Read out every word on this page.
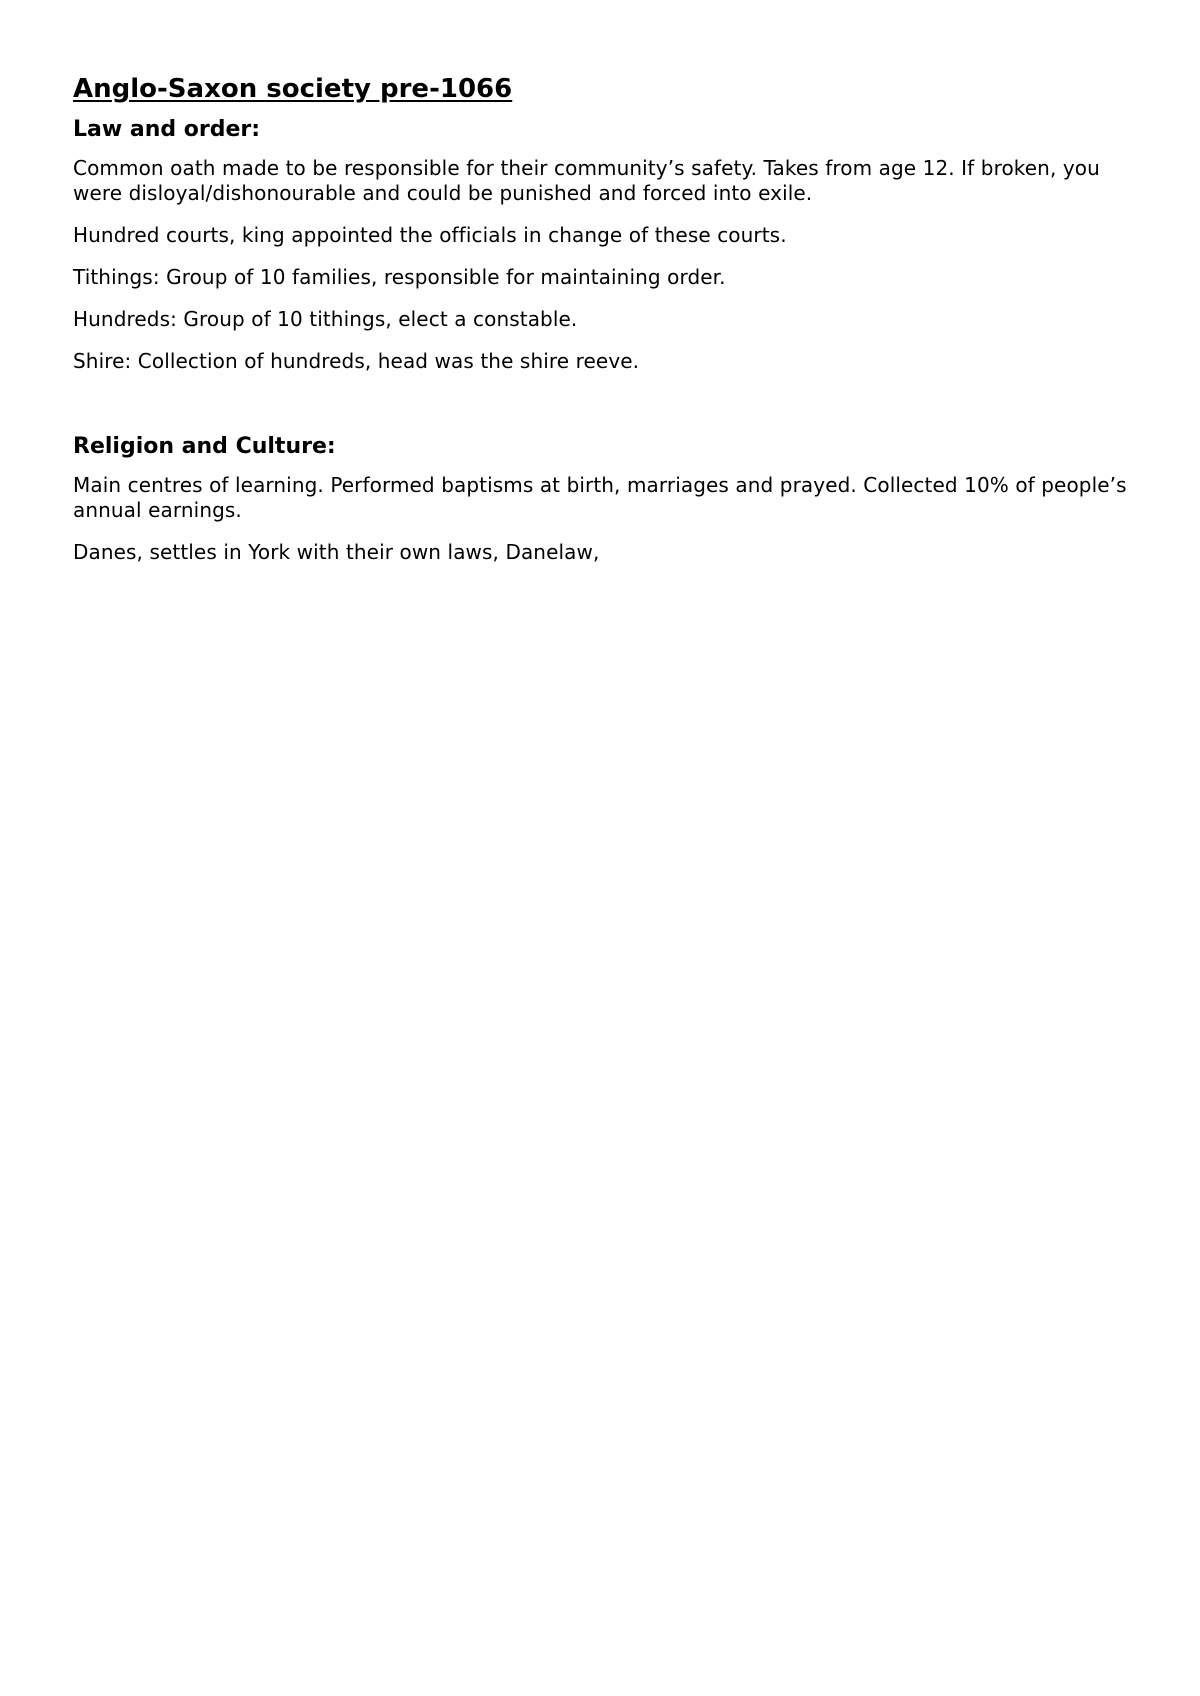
Anglo-Saxon society pre-1066
Law and order:

Common oath made to be responsible for their community’s safety. Takes from age 12. If broken, you were disloyal/dishonourable and could be punished and forced into exile.

Hundred courts, king appointed the officials in change of these courts.

Tithings: Group of 10 families, responsible for maintaining order.

Hundreds: Group of 10 tithings, elect a constable.

Shire: Collection of hundreds, head was the shire reeve.

Religion and Culture:

Main centres of learning. Performed baptisms at birth, marriages and prayed. Collected 10% of people’s annual earnings.

Danes, settles in York with their own laws, Danelaw,
